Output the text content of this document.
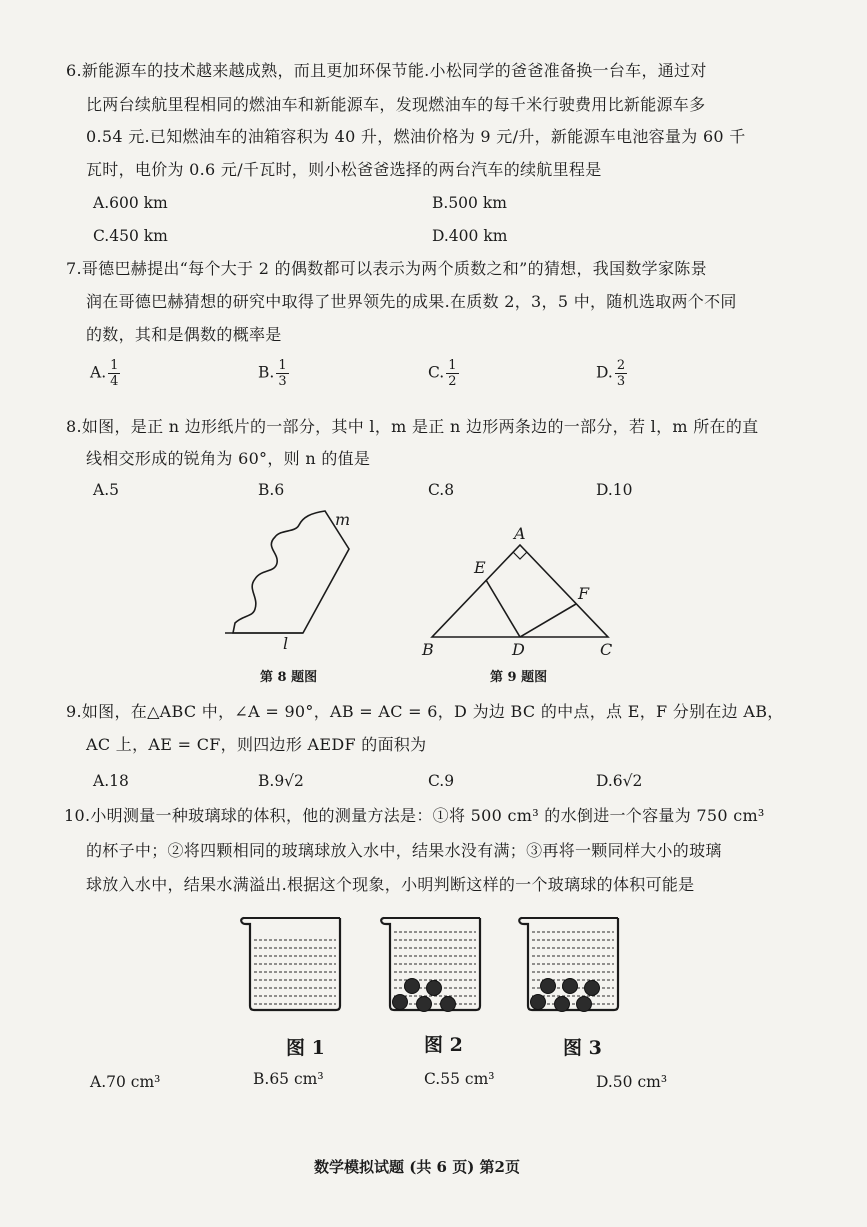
6.新能源车的技术越来越成熟，而且更加环保节能.小松同学的爸爸准备换一台车，通过对
比两台续航里程相同的燃油车和新能源车，发现燃油车的每千米行驶费用比新能源车多
0.54 元.已知燃油车的油箱容积为 40 升，燃油价格为 9 元/升，新能源车电池容量为 60 千
瓦时，电价为 0.6 元/千瓦时，则小松爸爸选择的两台汽车的续航里程是
A.600 km	B.500 km
C.450 km	D.400 km
7.哥德巴赫提出“每个大于 2 的偶数都可以表示为两个质数之和”的猜想，我国数学家陈景
润在哥德巴赫猜想的研究中取得了世界领先的成果.在质数 2，3，5 中，随机选取两个不同
的数，其和是偶数的概率是
A. $\frac{1}{4}$	B. $\frac{1}{3}$	C. $\frac{1}{2}$	D. $\frac{2}{3}$
8.如图，是正 n 边形纸片的一部分，其中 l，m 是正 n 边形两条边的一部分，若 l，m 所在的直
线相交形成的锐角为 60°，则 n 的值是
A.5	B.6	C.8	D.10
m
l
第 8 题图
A
B	C
D
E
F
第 9 题图
9.如图，在△ABC 中，∠A = 90°，AB = AC = 6，D 为边 BC 的中点，点 E，F 分别在边 AB，
AC 上，AE = CF，则四边形 AEDF 的面积为
A.18	B.9√2	C.9	D.6√2
10.小明测量一种玻璃球的体积，他的测量方法是：①将 500 cm³ 的水倒进一个容量为 750 cm³
的杯子中；②将四颗相同的玻璃球放入水中，结果水没有满；③再将一颗同样大小的玻璃
球放入水中，结果水满溢出.根据这个现象，小明判断这样的一个玻璃球的体积可能是
图 1	图 2	图 3
A.70 cm³	B.65 cm³	C.55 cm³	D.50 cm³
数学模拟试题 (共 6 页) 第2页
